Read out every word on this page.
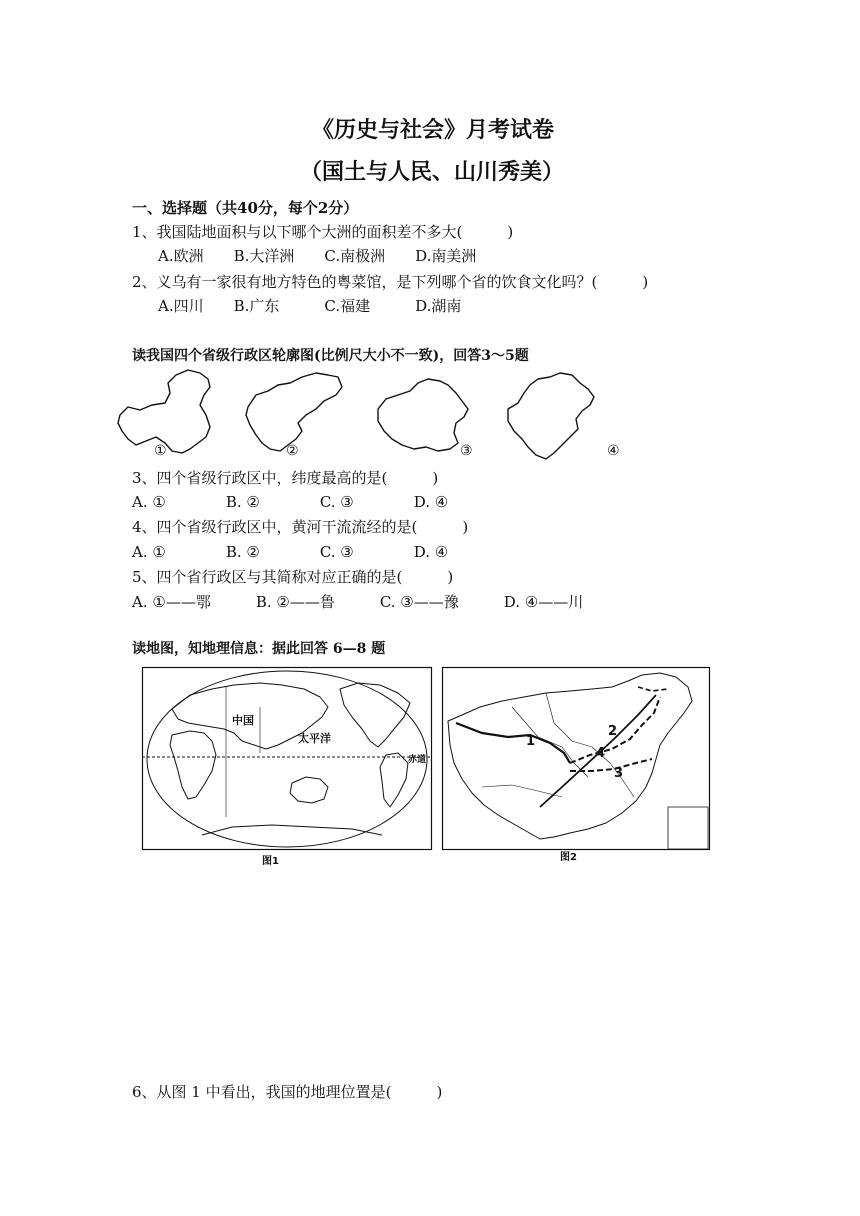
《历史与社会》月考试卷
（国土与人民、山川秀美）
一、选择题（共40分，每个2分）
1、我国陆地面积与以下哪个大洲的面积差不多大(　　　)
A.欧洲　　B.大洋洲　　C.南极洲　　D.南美洲
2、义乌有一家很有地方特色的粤菜馆，是下列哪个省的饮食文化吗？(　　　)
A.四川　　B.广东　　　C.福建　　　D.湖南
读我国四个省级行政区轮廓图(比例尺大小不一致)，回答3～5题
①	②	③	④
3、四个省级行政区中，纬度最高的是(　　　)
A. ①　　　　B. ②　　　　C. ③　　　　D. ④
4、四个省级行政区中，黄河干流流经的是(　　　)
A. ①　　　　B. ②　　　　C. ③　　　　D. ④
5、四个省行政区与其简称对应正确的是(　　　)
A. ①——鄂　　　B. ②——鲁　　　C. ③——豫　　　D. ④——川
读地图，知地理信息：据此回答 6—8 题
中国
太平洋
赤道
图1
1
2
3
4
图2
6、从图 1 中看出，我国的地理位置是(　　　)
